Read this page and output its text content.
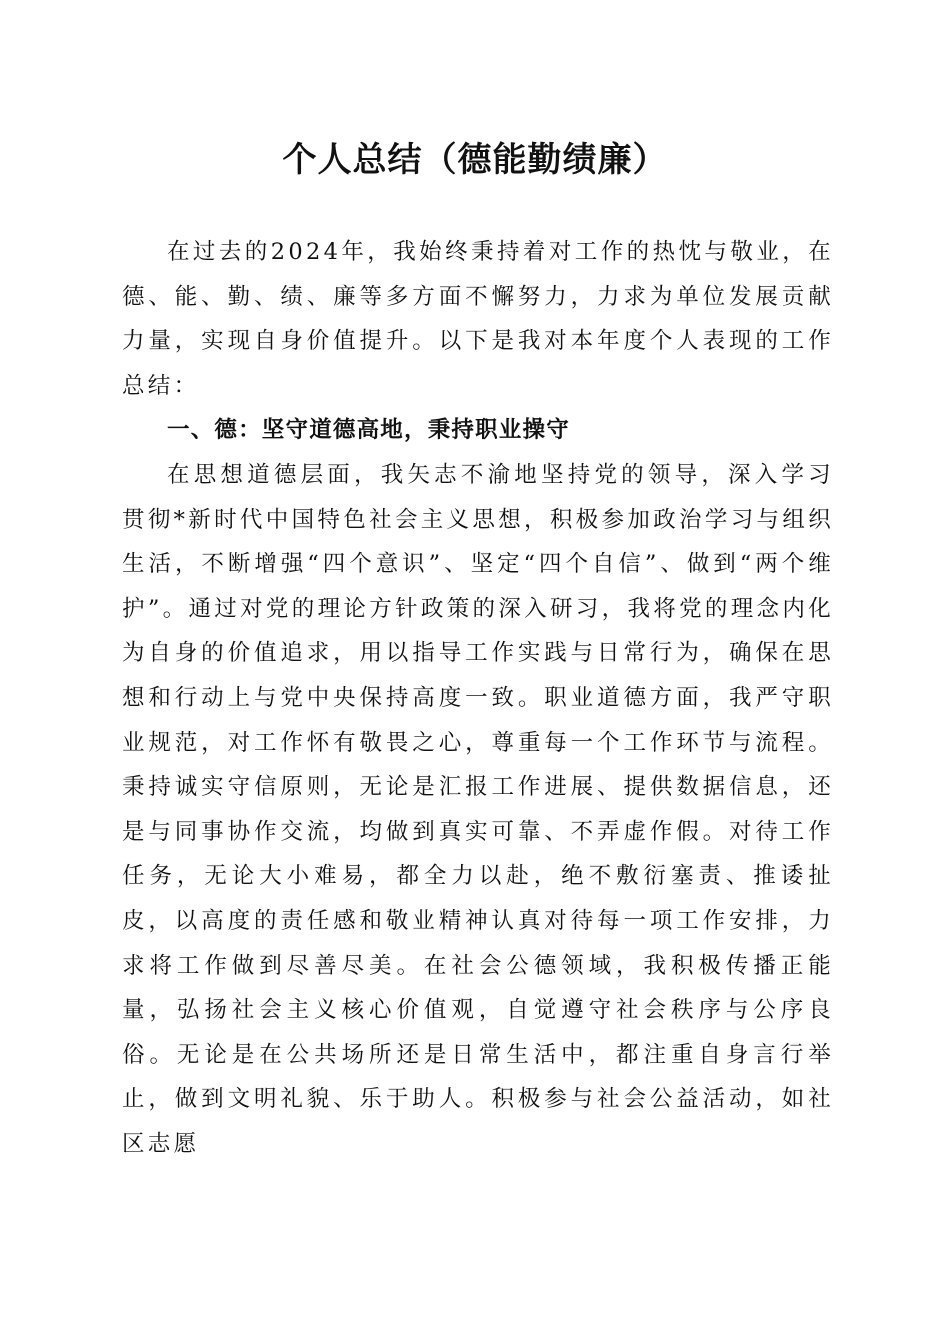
个人总结（德能勤绩廉）

在过去的2024年，我始终秉持着对工作的热忱与敬业，在德、能、勤、绩、廉等多方面不懈努力，力求为单位发展贡献力量，实现自身价值提升。以下是我对本年度个人表现的工作总结：

一、德：坚守道德高地，秉持职业操守

在思想道德层面，我矢志不渝地坚持党的领导，深入学习贯彻*新时代中国特色社会主义思想，积极参加政治学习与组织生活，不断增强“四个意识”、坚定“四个自信”、做到“两个维护”。通过对党的理论方针政策的深入研习，我将党的理念内化为自身的价值追求，用以指导工作实践与日常行为，确保在思想和行动上与党中央保持高度一致。职业道德方面，我严守职业规范，对工作怀有敬畏之心，尊重每一个工作环节与流程。秉持诚实守信原则，无论是汇报工作进展、提供数据信息，还是与同事协作交流，均做到真实可靠、不弄虚作假。对待工作任务，无论大小难易，都全力以赴，绝不敷衍塞责、推诿扯皮，以高度的责任感和敬业精神认真对待每一项工作安排，力求将工作做到尽善尽美。在社会公德领域，我积极传播正能量，弘扬社会主义核心价值观，自觉遵守社会秩序与公序良俗。无论是在公共场所还是日常生活中，都注重自身言行举止，做到文明礼貌、乐于助人。积极参与社会公益活动，如社区志愿
